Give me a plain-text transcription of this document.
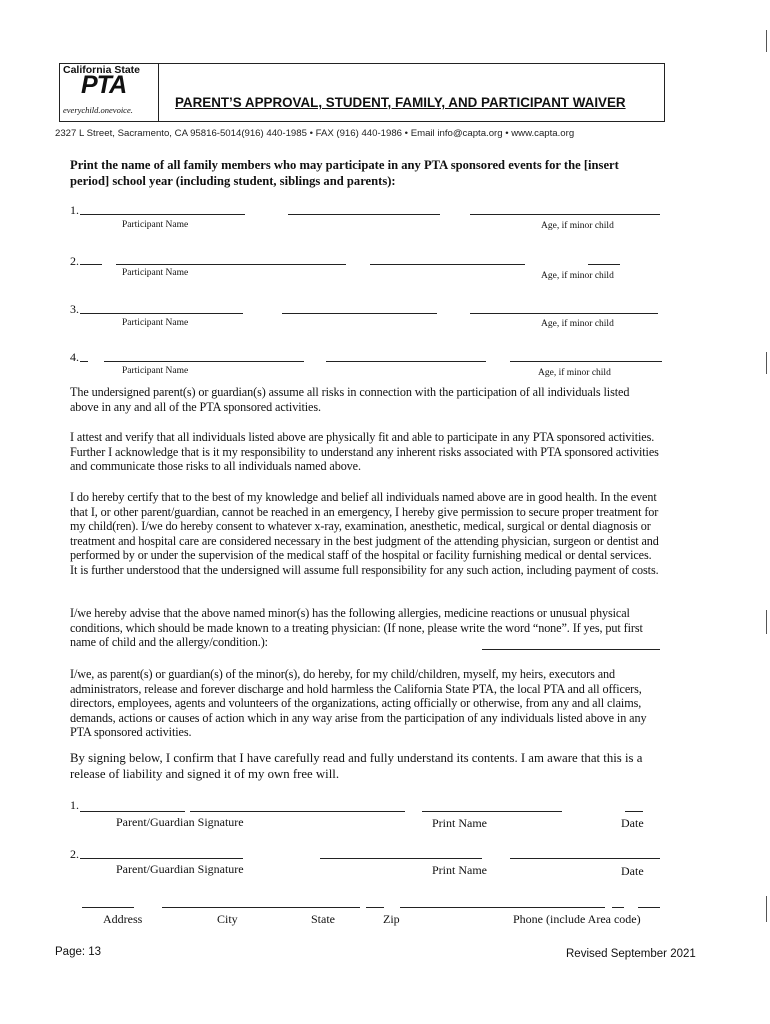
California State
PTA
everychild.onevoice.	PARENT’S APPROVAL, STUDENT, FAMILY, AND PARTICIPANT WAIVER
2327 L Street, Sacramento, CA 95816-5014(916) 440-1985 • FAX (916) 440-1986 • Email info@capta.org • www.capta.org
Print the name of all family members who may participate in any PTA sponsored events for the [insert period] school year (including student, siblings and parents):
1.
Participant Name	Age, if minor child
2.
Participant Name	Age, if minor child
3.
Participant Name	Age, if minor child
4.
Participant Name	Age, if minor child
The undersigned parent(s) or guardian(s) assume all risks in connection with the participation of all individuals listed above in any and all of the PTA sponsored activities.
I attest and verify that all individuals listed above are physically fit and able to participate in any PTA sponsored activities. Further I acknowledge that is it my responsibility to understand any inherent risks associated with PTA sponsored activities and communicate those risks to all individuals named above.
I do hereby certify that to the best of my knowledge and belief all individuals named above are in good health. In the event that I, or other parent/guardian, cannot be reached in an emergency, I hereby give permission to secure proper treatment for my child(ren). I/we do hereby consent to whatever x-ray, examination, anesthetic, medical, surgical or dental diagnosis or treatment and hospital care are considered necessary in the best judgment of the attending physician, surgeon or dentist and performed by or under the supervision of the medical staff of the hospital or facility furnishing medical or dental services. It is further understood that the undersigned will assume full responsibility for any such action, including payment of costs.
I/we hereby advise that the above named minor(s) has the following allergies, medicine reactions or unusual physical conditions, which should be made known to a treating physician: (If none, please write the word “none”. If yes, put first name of child and the allergy/condition.):
I/we, as parent(s) or guardian(s) of the minor(s), do hereby, for my child/children, myself, my heirs, executors and administrators, release and forever discharge and hold harmless the California State PTA, the local PTA and all officers, directors, employees, agents and volunteers of the organizations, acting officially or otherwise, from any and all claims, demands, actions or causes of action which in any way arise from the participation of any individuals listed above in any PTA sponsored activities.
By signing below, I confirm that I have carefully read and fully understand its contents. I am aware that this is a release of liability and signed it of my own free will.
1.
Parent/Guardian Signature	Print Name	Date
2.
Parent/Guardian Signature	Print Name	Date
Address	City	State	Zip	Phone (include Area code)
Page: 13	Revised September 2021
